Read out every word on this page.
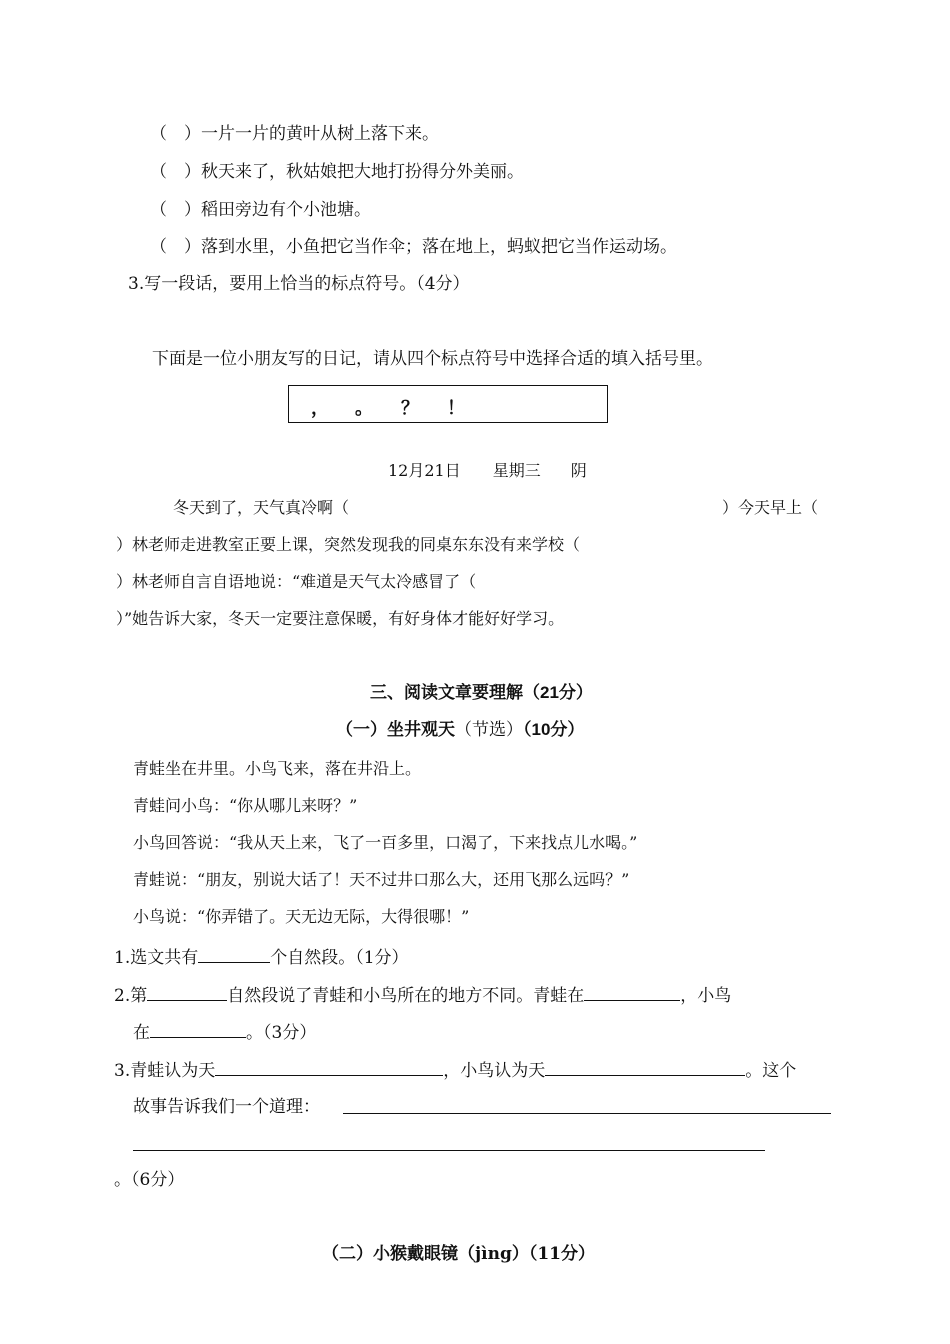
（　）一片一片的黄叶从树上落下来。
（　）秋天来了，秋姑娘把大地打扮得分外美丽。
（　）稻田旁边有个小池塘。
（　）落到水里，小鱼把它当作伞；落在地上，蚂蚁把它当作运动场。
3.写一段话，要用上恰当的标点符号。（4分）
下面是一位小朋友写的日记，请从四个标点符号中选择合适的填入括号里。
， 。 ？ ！
12月21日 星期三 阴
冬天到了，天气真冷啊（	）今天早上（
）林老师走进教室正要上课，突然发现我的同桌东东没有来学校（
）林老师自言自语地说：“难道是天气太冷感冒了（
）”她告诉大家，冬天一定要注意保暖，有好身体才能好好学习。
三、阅读文章要理解（21分）
（一）坐井观天（节选）（10分）
青蛙坐在井里。小鸟飞来，落在井沿上。
青蛙问小鸟：“你从哪儿来呀？”
小鸟回答说：“我从天上来，飞了一百多里，口渴了，下来找点儿水喝。”
青蛙说：“朋友，别说大话了！天不过井口那么大，还用飞那么远吗？”
小鸟说：“你弄错了。天无边无际，大得很哪！”
1.选文共有	个自然段。（1分）
2.第	自然段说了青蛙和小鸟所在的地方不同。青蛙在	，小鸟
在	。（3分）
3.青蛙认为天	，小鸟认为天	。这个
故事告诉我们一个道理：
。（6分）
（二）小猴戴眼镜（jìng）（11分）
